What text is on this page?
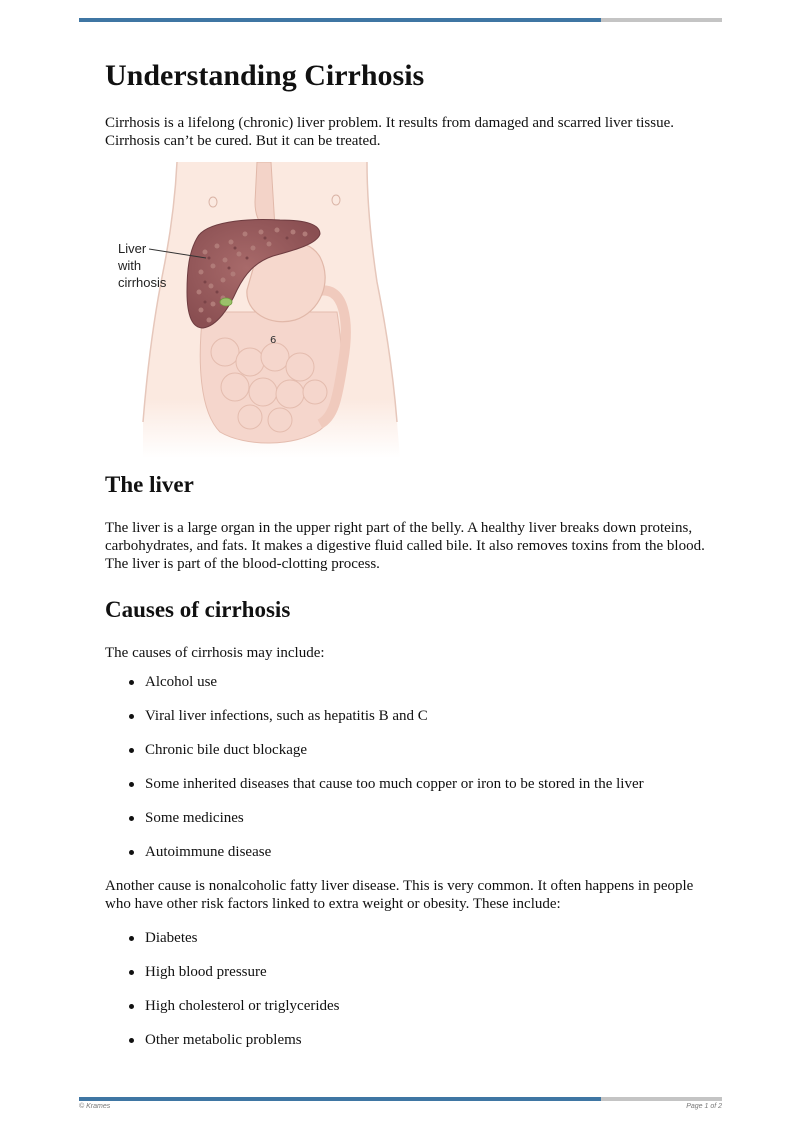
Understanding Cirrhosis

Cirrhosis is a lifelong (chronic) liver problem. It results from damaged and scarred liver tissue. Cirrhosis can’t be cured. But it can be treated.

6
Liver
with
cirrhosis
The liver

The liver is a large organ in the upper right part of the belly. A healthy liver breaks down proteins, carbohydrates, and fats. It makes a digestive fluid called bile. It also removes toxins from the blood. The liver is part of the blood-clotting process.

Causes of cirrhosis

The causes of cirrhosis may include:

Alcohol use
Viral liver infections, such as hepatitis B and C
Chronic bile duct blockage
Some inherited diseases that cause too much copper or iron to be stored in the liver
Some medicines
Autoimmune disease

Another cause is nonalcoholic fatty liver disease. This is very common. It often happens in people who have other risk factors linked to extra weight or obesity. These include:

Diabetes
High blood pressure
High cholesterol or triglycerides
Other metabolic problems
© Krames	Page 1 of 2
